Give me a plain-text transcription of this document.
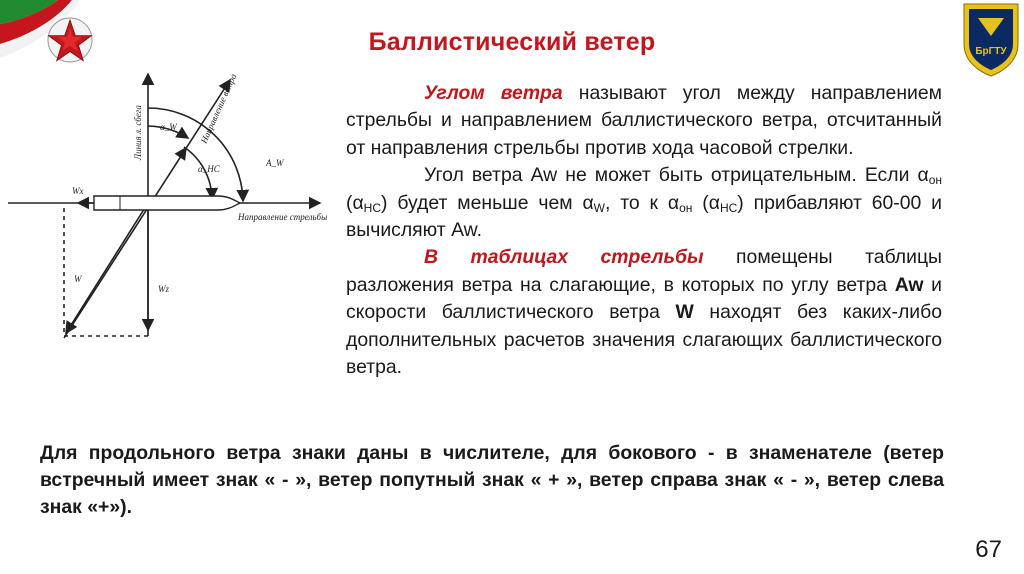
БрГТУ
Баллистический ветер
Линия л. сбега	Направление ветра
Направление стрельбы
α_W
α_НС
A_W
Wx
Wz
W

Углом ветра называют угол между направлением стрельбы и направлением баллистического ветра, отсчитанный от направления стрельбы против хода часовой стрелки.

Угол ветра Aw не может быть отрицательным. Если $\alpha_{он}$ $(\alpha_{НС})$ будет меньше чем $\alpha_W$, то к $\alpha_{он}$ $(\alpha_{НС})$ прибавляют 60-00 и вычисляют Aw.

В таблицах стрельбы помещены таблицы разложения ветра на слагающие, в которых по углу ветра Aw и скорости баллистического ветра W находят без каких-либо дополнительных расчетов значения слагающих баллистического ветра.

Для продольного ветра знаки даны в числителе, для бокового - в знаменателе (ветер встречный имеет знак « - », ветер попутный знак « + », ветер справа знак « - », ветер слева знак «+»).
67
